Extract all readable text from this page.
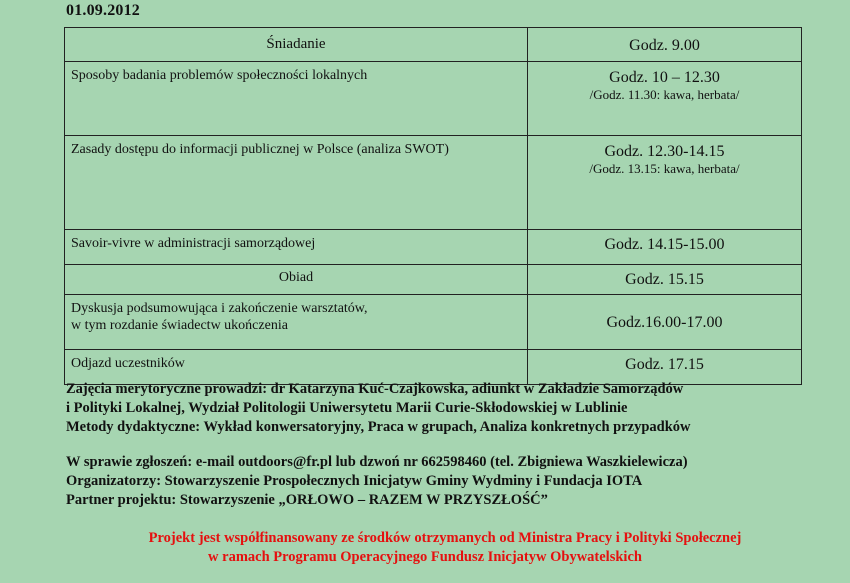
01.09.2012
Śniadanie	Godz. 9.00

Sposoby badania problemów społeczności lokalnych	Godz. 10 – 12.30
/Godz. 11.30: kawa, herbata/

Zasady dostępu do informacji publicznej w Polsce (analiza SWOT)	Godz. 12.30-14.15
/Godz. 13.15: kawa, herbata/

Savoir-vivre w administracji samorządowej	Godz. 14.15-15.00

Obiad	Godz. 15.15

Dyskusja podsumowująca i zakończenie warsztatów,
w tym rozdanie świadectw ukończenia	Godz.16.00-17.00

Odjazd uczestników	Godz. 17.15

Zajęcia merytoryczne prowadzi: dr Katarzyna Kuć-Czajkowska, adiunkt w Zakładzie Samorządów

i Polityki Lokalnej, Wydział Politologii Uniwersytetu Marii Curie-Skłodowskiej w Lublinie

Metody dydaktyczne: Wykład konwersatoryjny, Praca w grupach, Analiza konkretnych przypadków

W sprawie zgłoszeń: e-mail outdoors@fr.pl lub dzwoń nr 662598460 (tel. Zbigniewa Waszkielewicza)

Organizatorzy: Stowarzyszenie Prospołecznych Inicjatyw Gminy Wydminy i Fundacja IOTA

Partner projektu: Stowarzyszenie „ORŁOWO – RAZEM W PRZYSZŁOŚĆ”

Projekt jest współfinansowany ze środków otrzymanych od Ministra Pracy i Polityki Społecznej

w ramach Programu Operacyjnego Fundusz Inicjatyw Obywatelskich
